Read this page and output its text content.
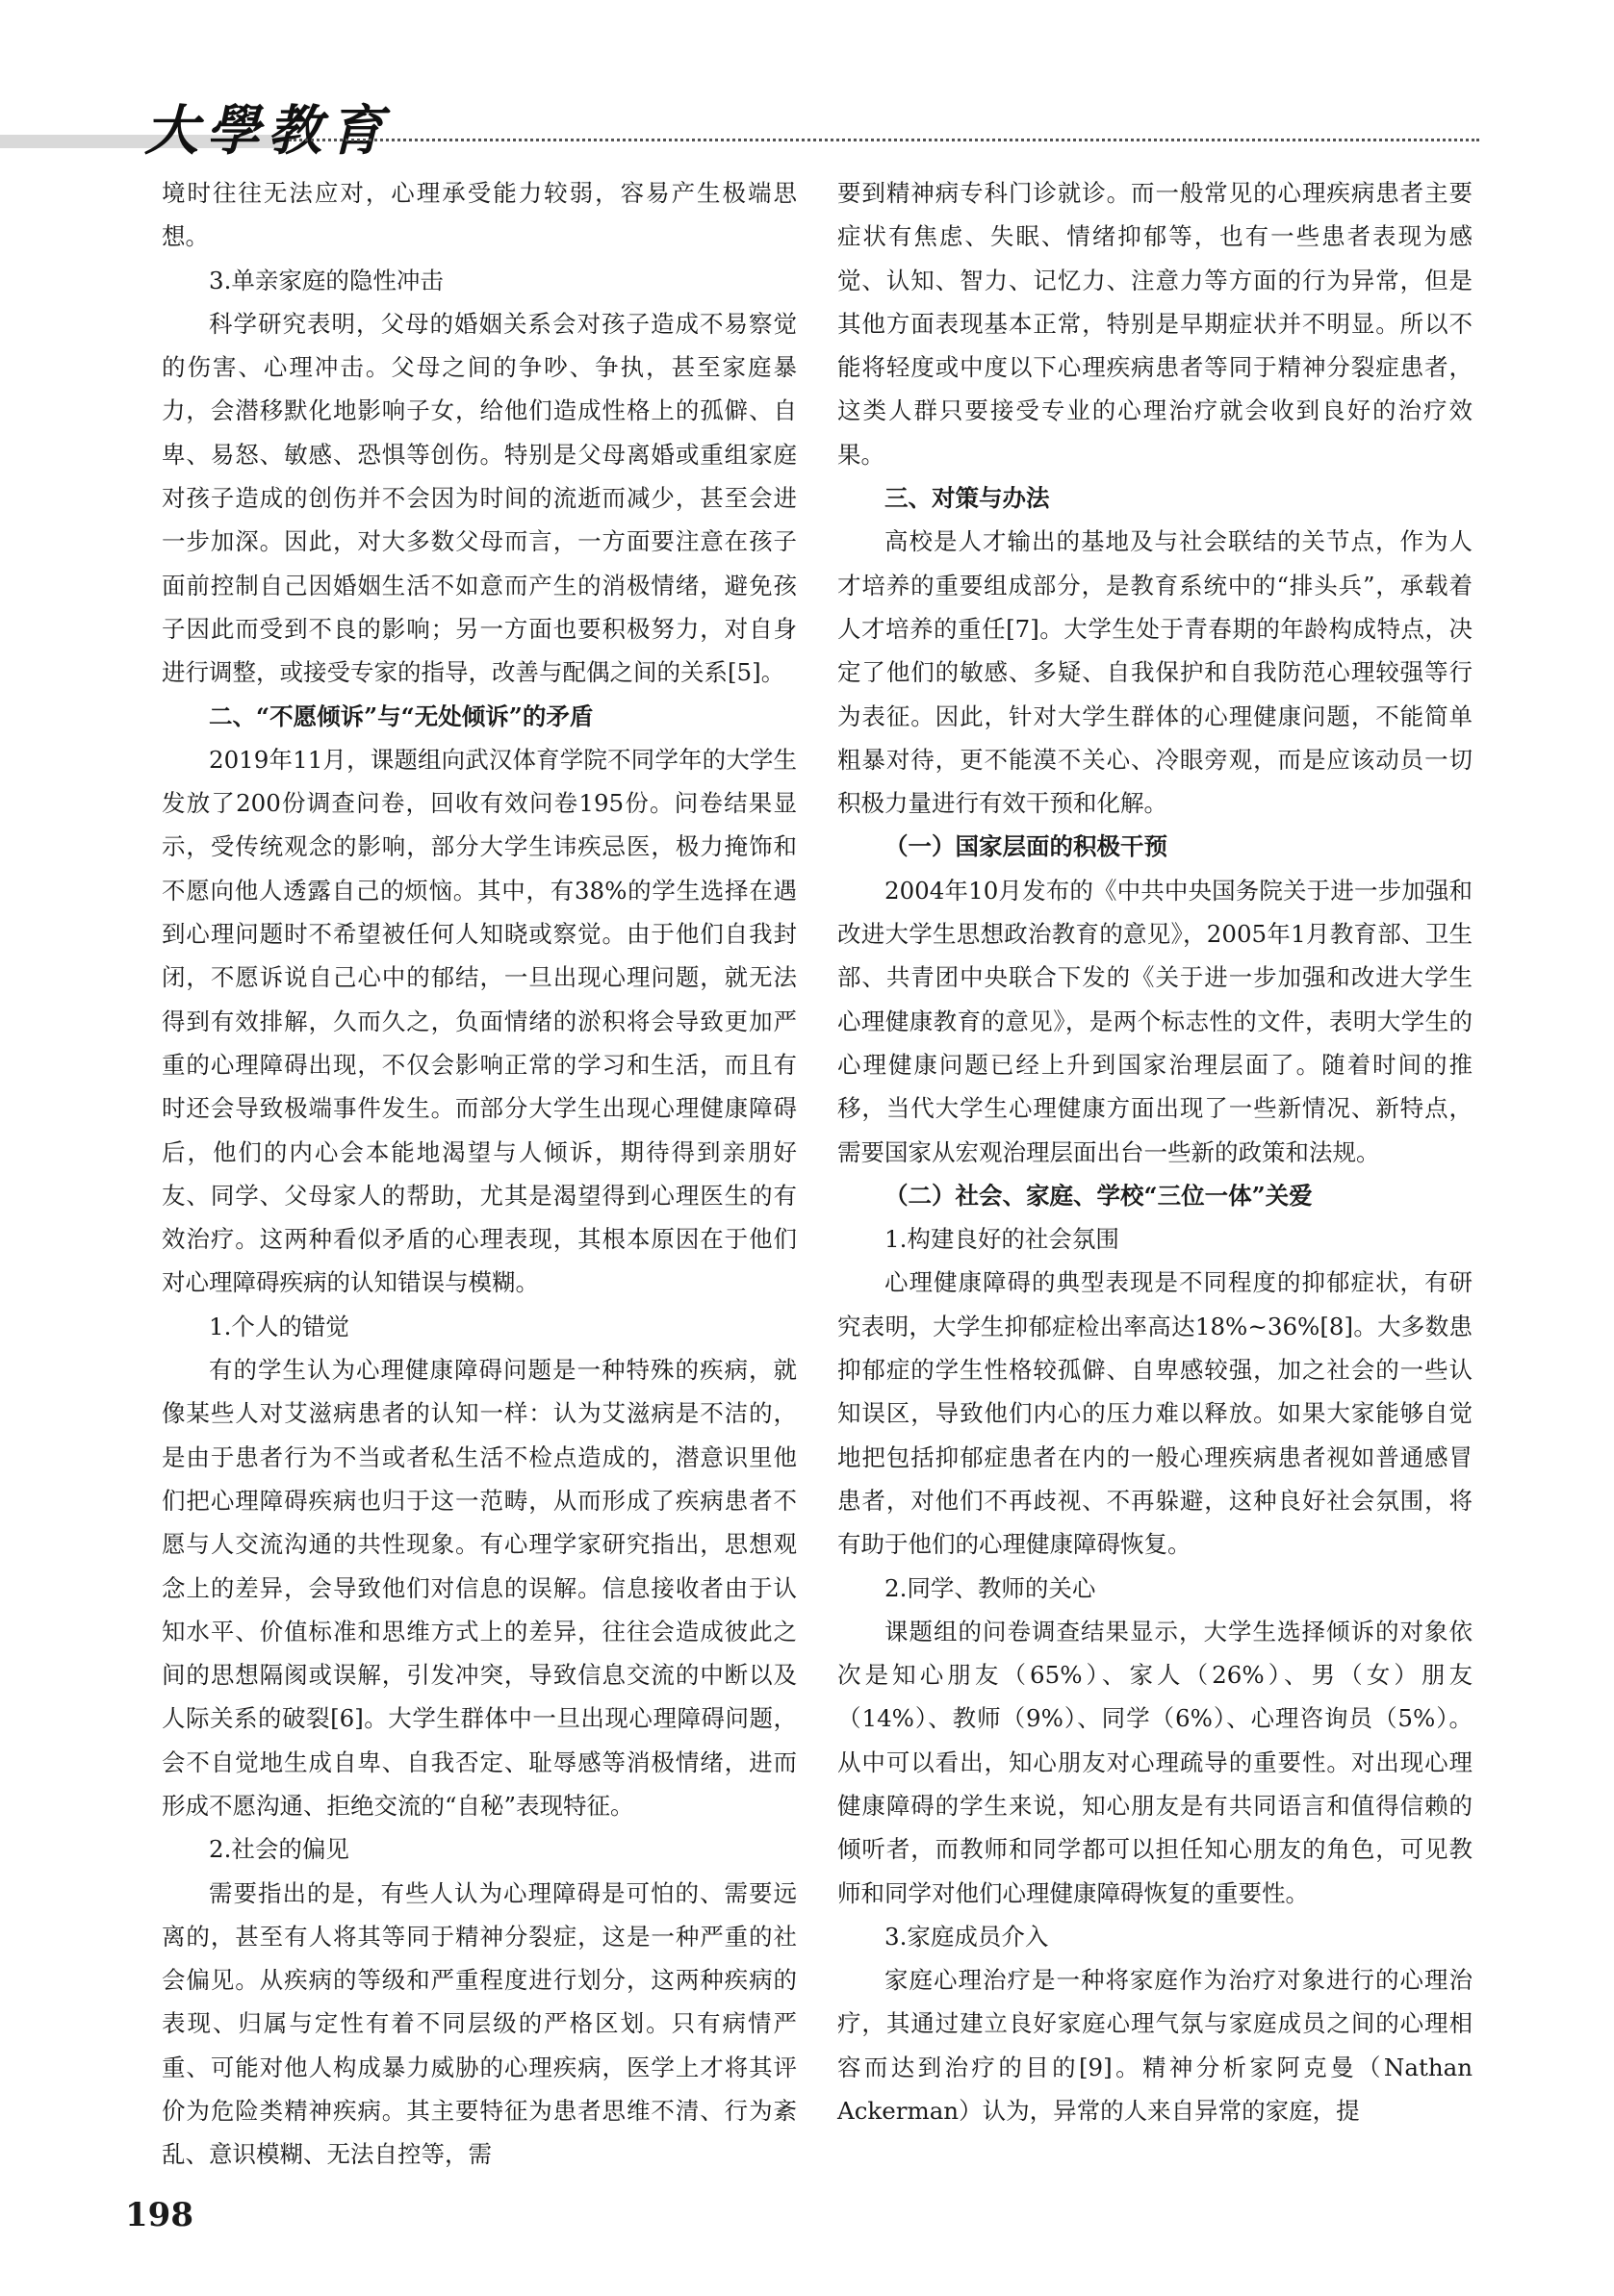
大學教育

境时往往无法应对，心理承受能力较弱，容易产生极端思想。

3.单亲家庭的隐性冲击

科学研究表明，父母的婚姻关系会对孩子造成不易察觉的伤害、心理冲击。父母之间的争吵、争执，甚至家庭暴力，会潜移默化地影响子女，给他们造成性格上的孤僻、自卑、易怒、敏感、恐惧等创伤。特别是父母离婚或重组家庭对孩子造成的创伤并不会因为时间的流逝而减少，甚至会进一步加深。因此，对大多数父母而言，一方面要注意在孩子面前控制自己因婚姻生活不如意而产生的消极情绪，避免孩子因此而受到不良的影响；另一方面也要积极努力，对自身进行调整，或接受专家的指导，改善与配偶之间的关系[5]。

二、“不愿倾诉”与“无处倾诉”的矛盾

2019年11月，课题组向武汉体育学院不同学年的大学生发放了200份调查问卷，回收有效问卷195份。问卷结果显示，受传统观念的影响，部分大学生讳疾忌医，极力掩饰和不愿向他人透露自己的烦恼。其中，有38%的学生选择在遇到心理问题时不希望被任何人知晓或察觉。由于他们自我封闭，不愿诉说自己心中的郁结，一旦出现心理问题，就无法得到有效排解，久而久之，负面情绪的淤积将会导致更加严重的心理障碍出现，不仅会影响正常的学习和生活，而且有时还会导致极端事件发生。而部分大学生出现心理健康障碍后，他们的内心会本能地渴望与人倾诉，期待得到亲朋好友、同学、父母家人的帮助，尤其是渴望得到心理医生的有效治疗。这两种看似矛盾的心理表现，其根本原因在于他们对心理障碍疾病的认知错误与模糊。

1.个人的错觉

有的学生认为心理健康障碍问题是一种特殊的疾病，就像某些人对艾滋病患者的认知一样：认为艾滋病是不洁的，是由于患者行为不当或者私生活不检点造成的，潜意识里他们把心理障碍疾病也归于这一范畴，从而形成了疾病患者不愿与人交流沟通的共性现象。有心理学家研究指出，思想观念上的差异，会导致他们对信息的误解。信息接收者由于认知水平、价值标准和思维方式上的差异，往往会造成彼此之间的思想隔阂或误解，引发冲突，导致信息交流的中断以及人际关系的破裂[6]。大学生群体中一旦出现心理障碍问题，会不自觉地生成自卑、自我否定、耻辱感等消极情绪，进而形成不愿沟通、拒绝交流的“自秘”表现特征。

2.社会的偏见

需要指出的是，有些人认为心理障碍是可怕的、需要远离的，甚至有人将其等同于精神分裂症，这是一种严重的社会偏见。从疾病的等级和严重程度进行划分，这两种疾病的表现、归属与定性有着不同层级的严格区划。只有病情严重、可能对他人构成暴力威胁的心理疾病，医学上才将其评价为危险类精神疾病。其主要特征为患者思维不清、行为紊乱、意识模糊、无法自控等，需

要到精神病专科门诊就诊。而一般常见的心理疾病患者主要症状有焦虑、失眠、情绪抑郁等，也有一些患者表现为感觉、认知、智力、记忆力、注意力等方面的行为异常，但是其他方面表现基本正常，特别是早期症状并不明显。所以不能将轻度或中度以下心理疾病患者等同于精神分裂症患者，这类人群只要接受专业的心理治疗就会收到良好的治疗效果。

三、对策与办法

高校是人才输出的基地及与社会联结的关节点，作为人才培养的重要组成部分，是教育系统中的“排头兵”，承载着人才培养的重任[7]。大学生处于青春期的年龄构成特点，决定了他们的敏感、多疑、自我保护和自我防范心理较强等行为表征。因此，针对大学生群体的心理健康问题，不能简单粗暴对待，更不能漠不关心、冷眼旁观，而是应该动员一切积极力量进行有效干预和化解。

（一）国家层面的积极干预

2004年10月发布的《中共中央国务院关于进一步加强和改进大学生思想政治教育的意见》，2005年1月教育部、卫生部、共青团中央联合下发的《关于进一步加强和改进大学生心理健康教育的意见》，是两个标志性的文件，表明大学生的心理健康问题已经上升到国家治理层面了。随着时间的推移，当代大学生心理健康方面出现了一些新情况、新特点，需要国家从宏观治理层面出台一些新的政策和法规。

（二）社会、家庭、学校“三位一体”关爱
1.构建良好的社会氛围

心理健康障碍的典型表现是不同程度的抑郁症状，有研究表明，大学生抑郁症检出率高达18%~36%[8]。大多数患抑郁症的学生性格较孤僻、自卑感较强，加之社会的一些认知误区，导致他们内心的压力难以释放。如果大家能够自觉地把包括抑郁症患者在内的一般心理疾病患者视如普通感冒患者，对他们不再歧视、不再躲避，这种良好社会氛围，将有助于他们的心理健康障碍恢复。

2.同学、教师的关心

课题组的问卷调查结果显示，大学生选择倾诉的对象依次是知心朋友（65%）、家人（26%）、男（女）朋友（14%）、教师（9%）、同学（6%）、心理咨询员（5%）。从中可以看出，知心朋友对心理疏导的重要性。对出现心理健康障碍的学生来说，知心朋友是有共同语言和值得信赖的倾听者，而教师和同学都可以担任知心朋友的角色，可见教师和同学对他们心理健康障碍恢复的重要性。

3.家庭成员介入

家庭心理治疗是一种将家庭作为治疗对象进行的心理治疗，其通过建立良好家庭心理气氛与家庭成员之间的心理相容而达到治疗的目的[9]。精神分析家阿克曼（Nathan Ackerman）认为，异常的人来自异常的家庭，提

198
